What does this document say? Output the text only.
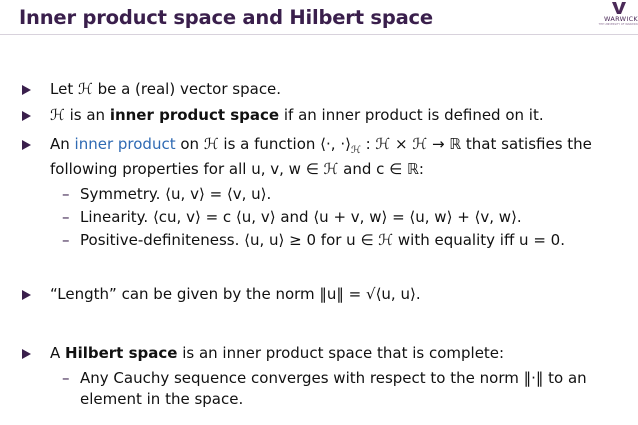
Inner product space and Hilbert space	WARWICK
THE UNIVERSITY OF WARWICK
Let ℋ be a (real) vector space.
ℋ is an inner product space if an inner product is defined on it.
An inner product on ℋ is a function ⟨·, $\cdot⟩_ℋ$ : ℋ × ℋ → ℝ that satisfies the
following properties for all u, v, w ∈ ℋ and c ∈ ℝ:
– Symmetry. ⟨u, v⟩ = ⟨v, u⟩.
– Linearity. ⟨cu, v⟩ = c ⟨u, v⟩ and ⟨u + v, w⟩ = ⟨u, w⟩ + ⟨v, w⟩.
– Positive-definiteness. ⟨u, u⟩ ≥ 0 for u ∈ ℋ with equality iff u = 0.
“Length” can be given by the norm ‖u‖ = √⟨u, u⟩.
A Hilbert space is an inner product space that is complete:
– Any Cauchy sequence converges with respect to the norm ‖·‖ to an
element in the space.
